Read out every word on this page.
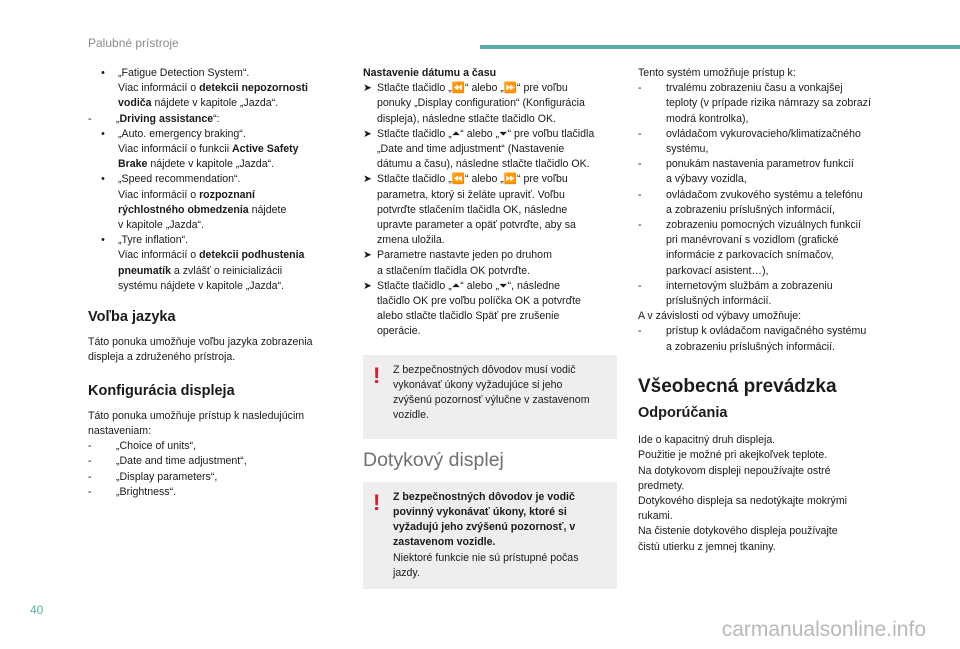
Palubné prístroje
•	„Fatigue Detection System“.
Viac informácií o detekcii nepozornosti
vodiča nájdete v kapitole „Jazda“.
-	„Driving assistance“:
•	„Auto. emergency braking“.
Viac informácií o funkcii Active Safety
Brake nájdete v kapitole „Jazda“.
•	„Speed recommendation“.
Viac informácií o rozpoznaní
rýchlostného obmedzenia nájdete
v kapitole „Jazda“.
•	„Tyre inflation“.
Viac informácií o detekcii podhustenia
pneumatík a zvlášť o reinicializácii
systému nájdete v kapitole „Jazda“.

Voľba jazyka

Táto ponuka umožňuje voľbu jazyka zobrazenia
displeja a združeného prístroja.

Konfigurácia displeja

Táto ponuka umožňuje prístup k nasledujúcim
nastaveniam:

-	„Choice of units“,
-	„Date and time adjustment“,
-	„Display parameters“,
-	„Brightness“.

Nastavenie dátumu a času

➤ Stlačte tlačidlo „⏪“ alebo „⏩“ pre voľbu
ponuky „Display configuration“ (Konfigurácia
displeja), následne stlačte tlačidlo OK.
➤ Stlačte tlačidlo „⏶“ alebo „⏷“ pre voľbu tlačidla
„Date and time adjustment“ (Nastavenie
dátumu a času), následne stlačte tlačidlo OK.
➤ Stlačte tlačidlo „⏪“ alebo „⏩“ pre voľbu
parametra, ktorý si želáte upraviť. Voľbu
potvrďte stlačením tlačidla OK, následne
upravte parameter a opäť potvrďte, aby sa
zmena uložila.
➤ Parametre nastavte jeden po druhom
a stlačením tlačidla OK potvrďte.
➤ Stlačte tlačidlo „⏶“ alebo „⏷“, následne
tlačidlo OK pre voľbu políčka OK a potvrďte
alebo stlačte tlačidlo Späť pre zrušenie
operácie.
! Z bezpečnostných dôvodov musí vodič
vykonávať úkony vyžadujúce si jeho
zvýšenú pozornosť výlučne v zastavenom
vozidle.

Dotykový displej

! Z bezpečnostných dôvodov je vodič
povinný vykonávať úkony, ktoré si
vyžadujú jeho zvýšenú pozornosť, v
zastavenom vozidle.
Niektoré funkcie nie sú prístupné počas
jazdy.

Tento systém umožňuje prístup k:

-	trvalému zobrazeniu času a vonkajšej
teploty (v prípade rizika námrazy sa zobrazí
modrá kontrolka),
-	ovládačom vykurovacieho/klimatizačného
systému,
-	ponukám nastavenia parametrov funkcií
a výbavy vozidla,
-	ovládačom zvukového systému a telefónu
a zobrazeniu príslušných informácií,
-	zobrazeniu pomocných vizuálnych funkcií
pri manévrovaní s vozidlom (grafické
informácie z parkovacích snímačov,
parkovací asistent…),
-	internetovým službám a zobrazeniu
príslušných informácií.

A v závislosti od výbavy umožňuje:

-	prístup k ovládačom navigačného systému
a zobrazeniu príslušných informácií.

Všeobecná prevádzka

Odporúčania

Ide o kapacitný druh displeja.
Použitie je možné pri akejkoľvek teplote.
Na dotykovom displeji nepoužívajte ostré
predmety.
Dotykového displeja sa nedotýkajte mokrými
rukami.
Na čistenie dotykového displeja používajte
čistú utierku z jemnej tkaniny.

40
carmanualsonline.info
